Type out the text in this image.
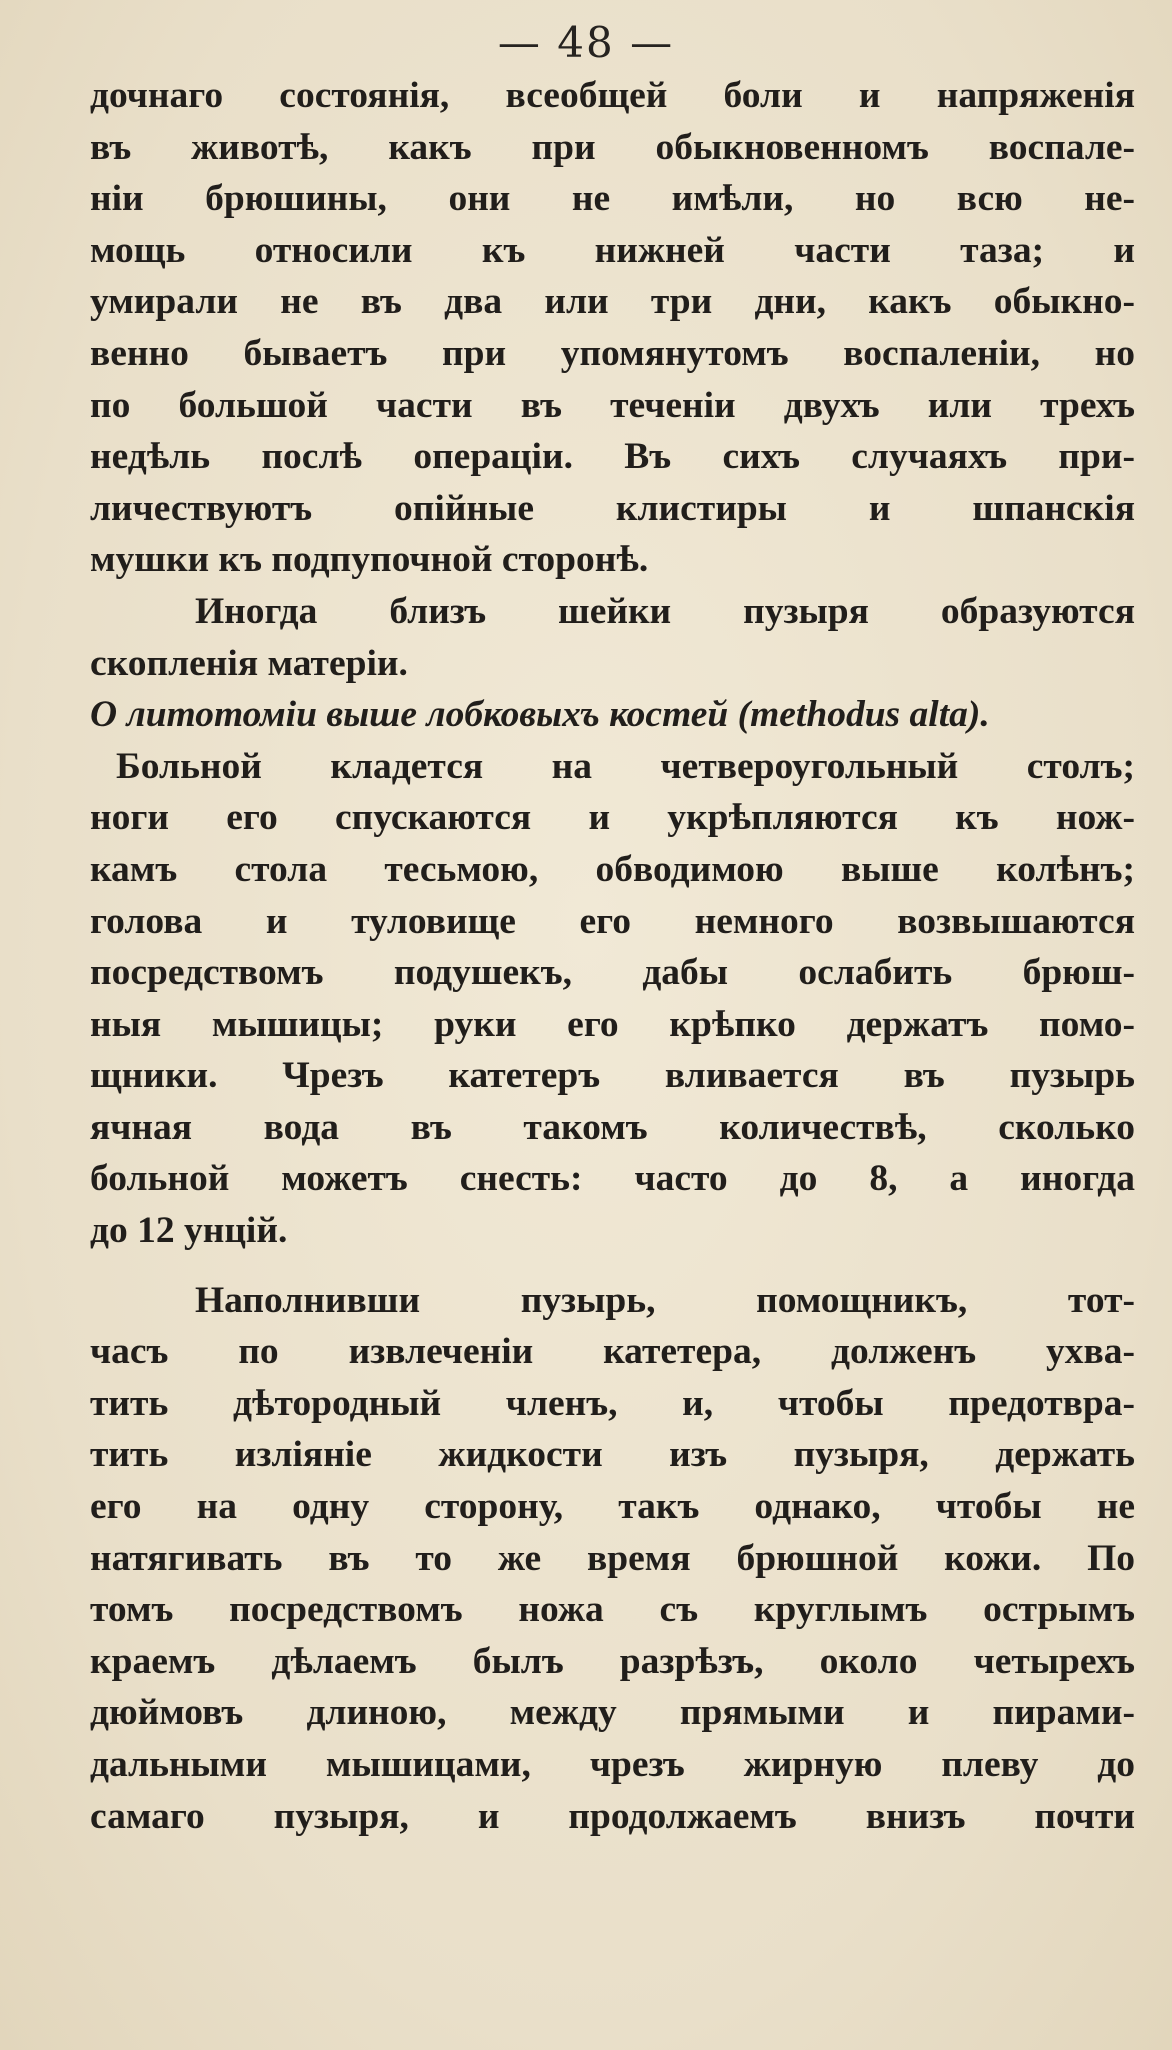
— 48 —
дочнаго состоянія, всеобщей боли и напряженія
въ животѣ, какъ при обыкновенномъ воспале-
ніи брюшины, они не имѣли, но всю не-
мощь относили къ нижней части таза; и
умирали не въ два или три дни, какъ обыкно-
венно бываетъ при упомянутомъ воспаленіи, но
по большой части въ теченіи двухъ или трехъ
недѣль послѣ операціи. Въ сихъ случаяхъ при-
личествуютъ опійные клистиры и шпанскія
мушки къ подпупочной сторонѣ.
Иногда близъ шейки пузыря образуются
скопленія матеріи.
О литотоміи выше лобковыхъ костей (methodus alta).
Больной кладется на четвероугольный столъ;
ноги его спускаются и укрѣпляются къ нож-
камъ стола тесьмою, обводимою выше колѣнъ;
голова и туловище его немного возвышаются
посредствомъ подушекъ, дабы ослабить брюш-
ныя мышицы; руки его крѣпко держатъ помо-
щники. Чрезъ катетеръ вливается въ пузырь
ячная вода въ такомъ количествѣ, сколько
больной можетъ снесть: часто до 8, а иногда
до 12 унцій.
Наполнивши пузырь, помощникъ, тот-
часъ по извлеченіи катетера, долженъ ухва-
тить дѣтородный членъ, и, чтобы предотвра-
тить изліяніе жидкости изъ пузыря, держать
его на одну сторону, такъ однако, чтобы не
натягивать въ то же время брюшной кожи. По
томъ посредствомъ ножа съ круглымъ острымъ
краемъ дѣлаемъ былъ разрѣзъ, около четырехъ
дюймовъ длиною, между прямыми и пирами-
дальными мышицами, чрезъ жирную плеву до
самаго пузыря, и продолжаемъ внизъ почти
